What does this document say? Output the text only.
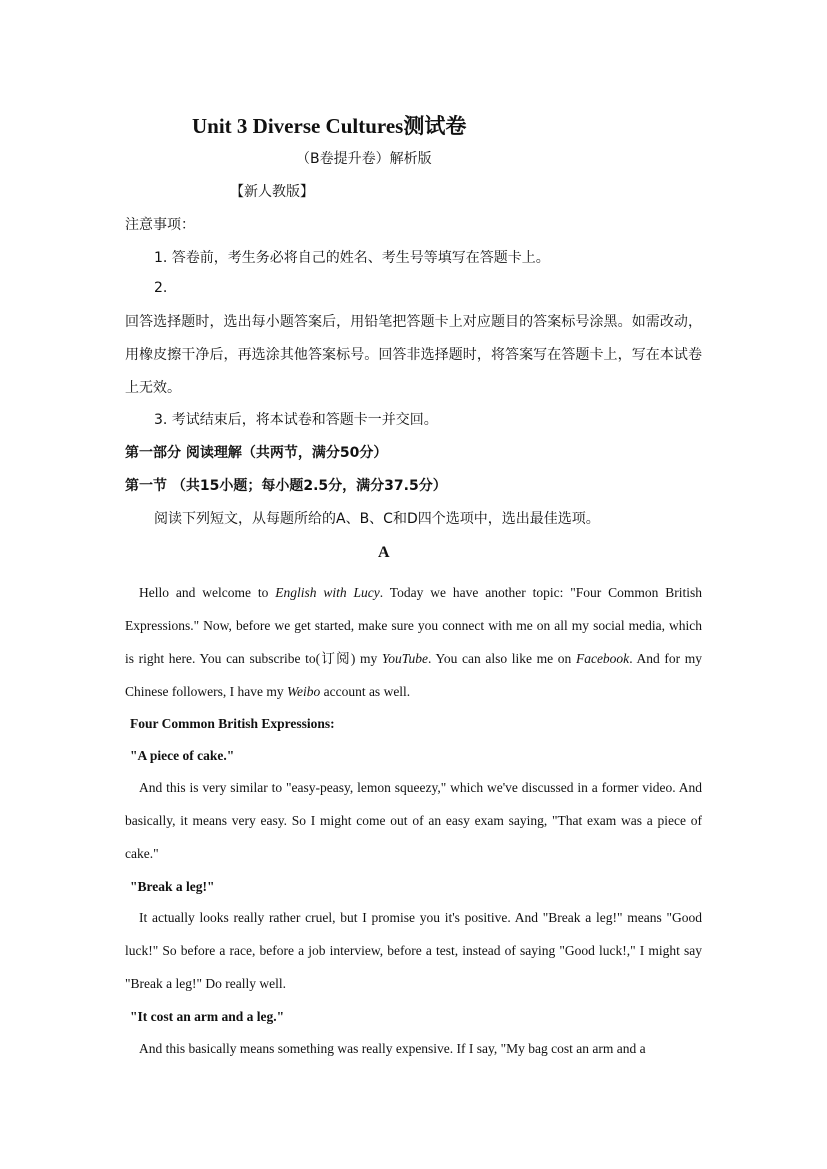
Unit 3 Diverse Cultures测试卷
（B卷提升卷）解析版
【新人教版】
注意事项：
1. 答卷前，考生务必将自己的姓名、考生号等填写在答题卡上。
2.
回答选择题时，选出每小题答案后，用铅笔把答题卡上对应题目的答案标号涂黑。如需改动，用橡皮擦干净后，再选涂其他答案标号。回答非选择题时，将答案写在答题卡上，写在本试卷上无效。
3. 考试结束后，将本试卷和答题卡一并交回。
第一部分 阅读理解（共两节，满分50分）
第一节 （共15小题；每小题2.5分，满分37.5分）
阅读下列短文，从每题所给的A、B、C和D四个选项中，选出最佳选项。
A
Hello and welcome to English with Lucy. Today we have another topic: "Four Common British Expressions." Now, before we get started, make sure you connect with me on all my social media, which is right here. You can subscribe to(订阅) my YouTube. You can also like me on Facebook. And for my Chinese followers, I have my Weibo account as well.
Four Common British Expressions:
"A piece of cake."
And this is very similar to "easy-peasy, lemon squeezy," which we've discussed in a former video. And basically, it means very easy. So I might come out of an easy exam saying, "That exam was a piece of cake."
"Break a leg!"
It actually looks really rather cruel, but I promise you it's positive. And "Break a leg!" means "Good luck!" So before a race, before a job interview, before a test, instead of saying "Good luck!," I might say "Break a leg!" Do really well.
"It cost an arm and a leg."
And this basically means something was really expensive. If I say, "My bag cost an arm and a
